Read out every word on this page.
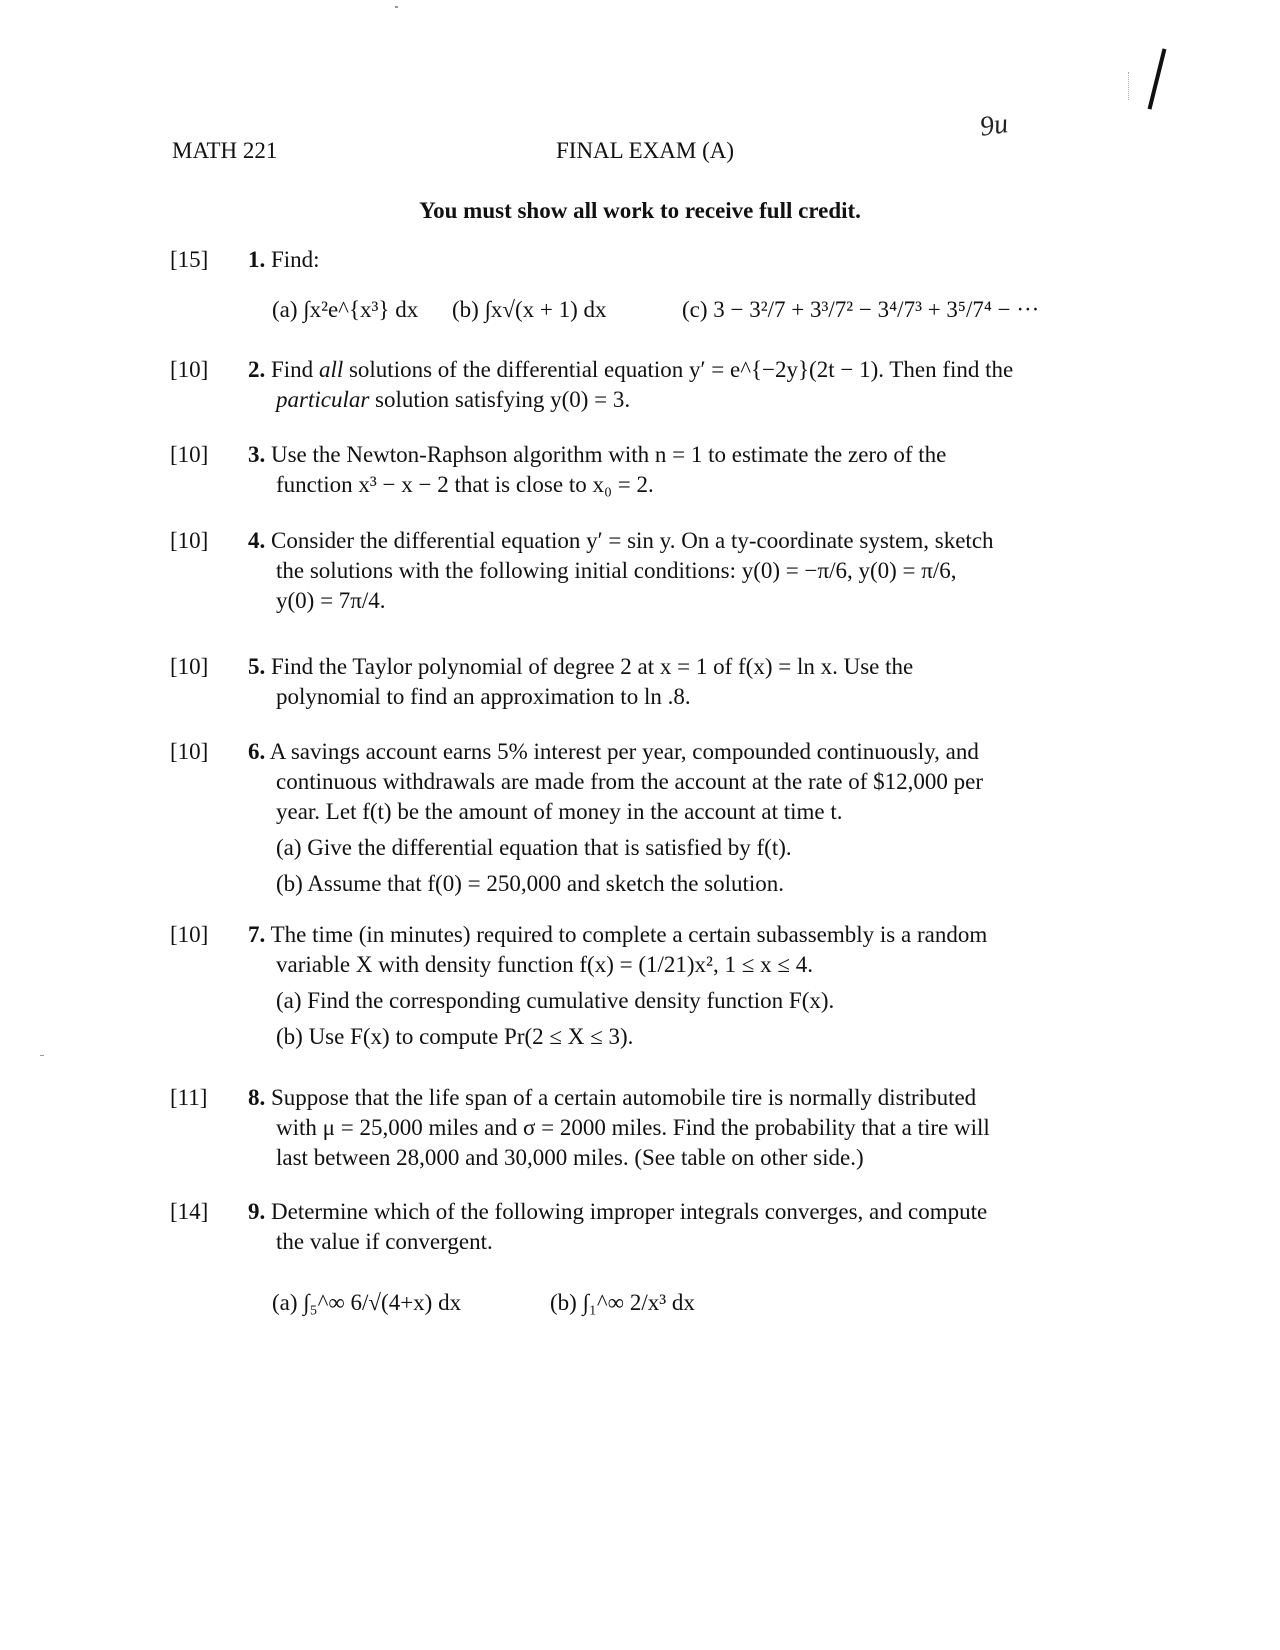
MATH 221	FINAL EXAM (A)
9u
You must show all work to receive full credit.
[15] 1. Find:
(a) ∫x²e^{x³} dx (b) ∫x√(x + 1) dx	(c) 3 − 3²/7 + 3³/7² − 3⁴/7³ + 3⁵/7⁴ − ···
[10] 2. Find all solutions of the differential equation y′ = e^{−2y}(2t − 1). Then find the
particular solution satisfying y(0) = 3.
[10] 3. Use the Newton-Raphson algorithm with n = 1 to estimate the zero of the
function x³ − x − 2 that is close to x₀ = 2.
[10] 4. Consider the differential equation y′ = sin y. On a ty-coordinate system, sketch
the solutions with the following initial conditions: y(0) = −π/6, y(0) = π/6,
y(0) = 7π/4.
[10] 5. Find the Taylor polynomial of degree 2 at x = 1 of f(x) = ln x. Use the
polynomial to find an approximation to ln .8.
[10] 6. A savings account earns 5% interest per year, compounded continuously, and
continuous withdrawals are made from the account at the rate of $12,000 per
year. Let f(t) be the amount of money in the account at time t.
(a) Give the differential equation that is satisfied by f(t).
(b) Assume that f(0) = 250,000 and sketch the solution.
[10] 7. The time (in minutes) required to complete a certain subassembly is a random
variable X with density function f(x) = (1/21)x², 1 ≤ x ≤ 4.
(a) Find the corresponding cumulative density function F(x).
(b) Use F(x) to compute Pr(2 ≤ X ≤ 3).
[11] 8. Suppose that the life span of a certain automobile tire is normally distributed
with μ = 25,000 miles and σ = 2000 miles. Find the probability that a tire will
last between 28,000 and 30,000 miles. (See table on other side.)
[14] 9. Determine which of the following improper integrals converges, and compute
the value if convergent.
(a) ∫₅^∞ 6/√(4+x) dx	(b) ∫₁^∞ 2/x³ dx
